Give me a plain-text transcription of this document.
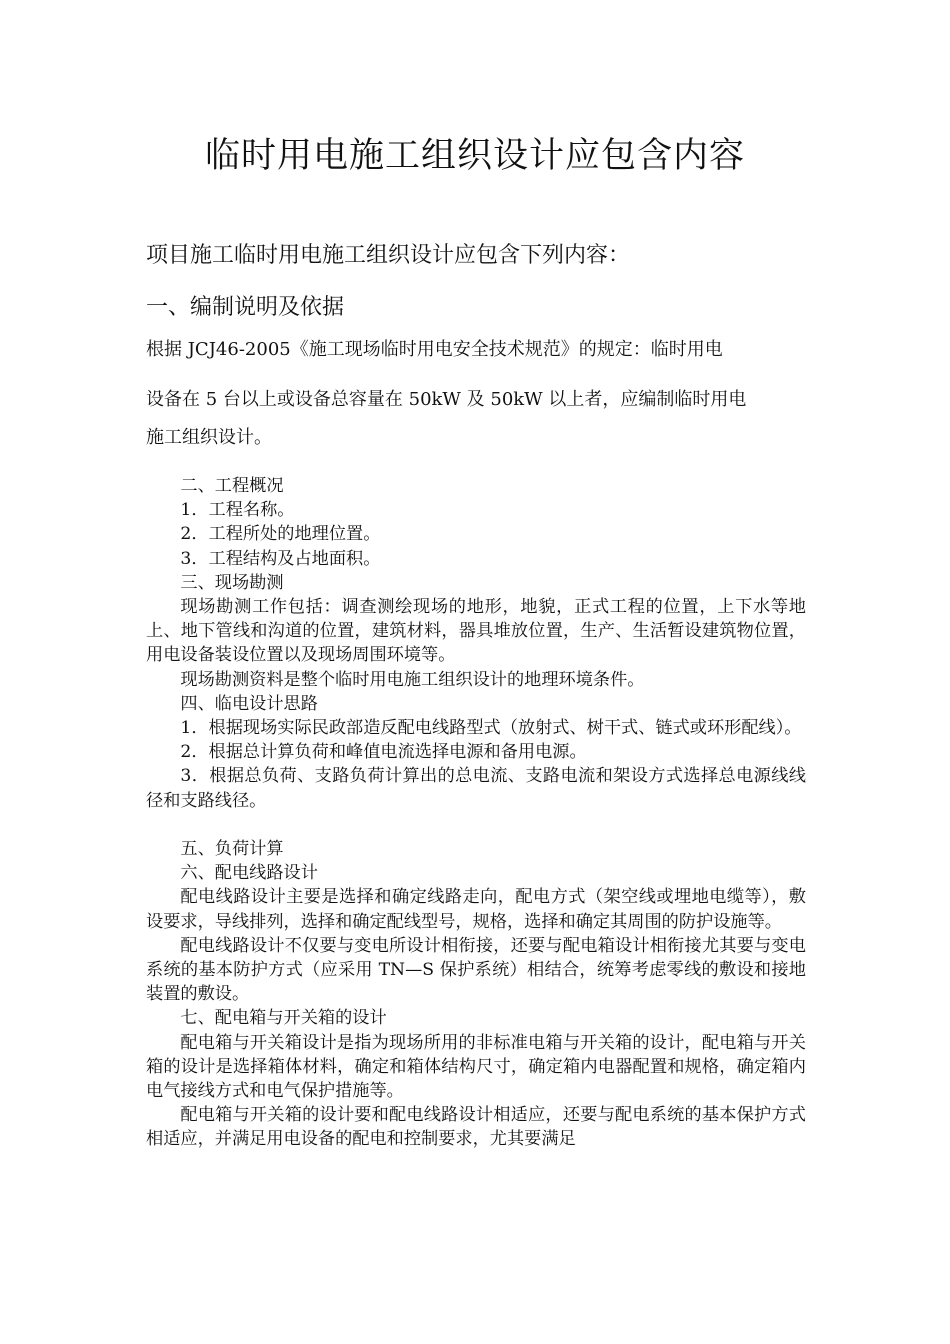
临时用电施工组织设计应包含内容
项目施工临时用电施工组织设计应包含下列内容：
一、编制说明及依据

根据 JCJ46-2005《施工现场临时用电安全技术规范》的规定：临时用电

设备在 5 台以上或设备总容量在 50kW 及 50kW 以上者，应编制临时用电

施工组织设计。

二、工程概况

1．工程名称。

2．工程所处的地理位置。

3．工程结构及占地面积。

三、现场勘测

现场勘测工作包括：调查测绘现场的地形，地貌，正式工程的位置，上下水等地上、地下管线和沟道的位置，建筑材料，器具堆放位置，生产、生活暂设建筑物位置，用电设备装设位置以及现场周围环境等。

现场勘测资料是整个临时用电施工组织设计的地理环境条件。

四、临电设计思路

1．根据现场实际民政部造反配电线路型式（放射式、树干式、链式或环形配线）。

2．根据总计算负荷和峰值电流选择电源和备用电源。

3．根据总负荷、支路负荷计算出的总电流、支路电流和架设方式选择总电源线线径和支路线径。

五、负荷计算

六、配电线路设计

配电线路设计主要是选择和确定线路走向，配电方式（架空线或埋地电缆等），敷设要求，导线排列，选择和确定配线型号，规格，选择和确定其周围的防护设施等。

配电线路设计不仅要与变电所设计相衔接，还要与配电箱设计相衔接尤其要与变电系统的基本防护方式（应采用 TN—S 保护系统）相结合，统筹考虑零线的敷设和接地装置的敷设。

七、配电箱与开关箱的设计

配电箱与开关箱设计是指为现场所用的非标准电箱与开关箱的设计，配电箱与开关箱的设计是选择箱体材料，确定和箱体结构尺寸，确定箱内电器配置和规格，确定箱内电气接线方式和电气保护措施等。

配电箱与开关箱的设计要和配电线路设计相适应，还要与配电系统的基本保护方式相适应，并满足用电设备的配电和控制要求，尤其要满足
